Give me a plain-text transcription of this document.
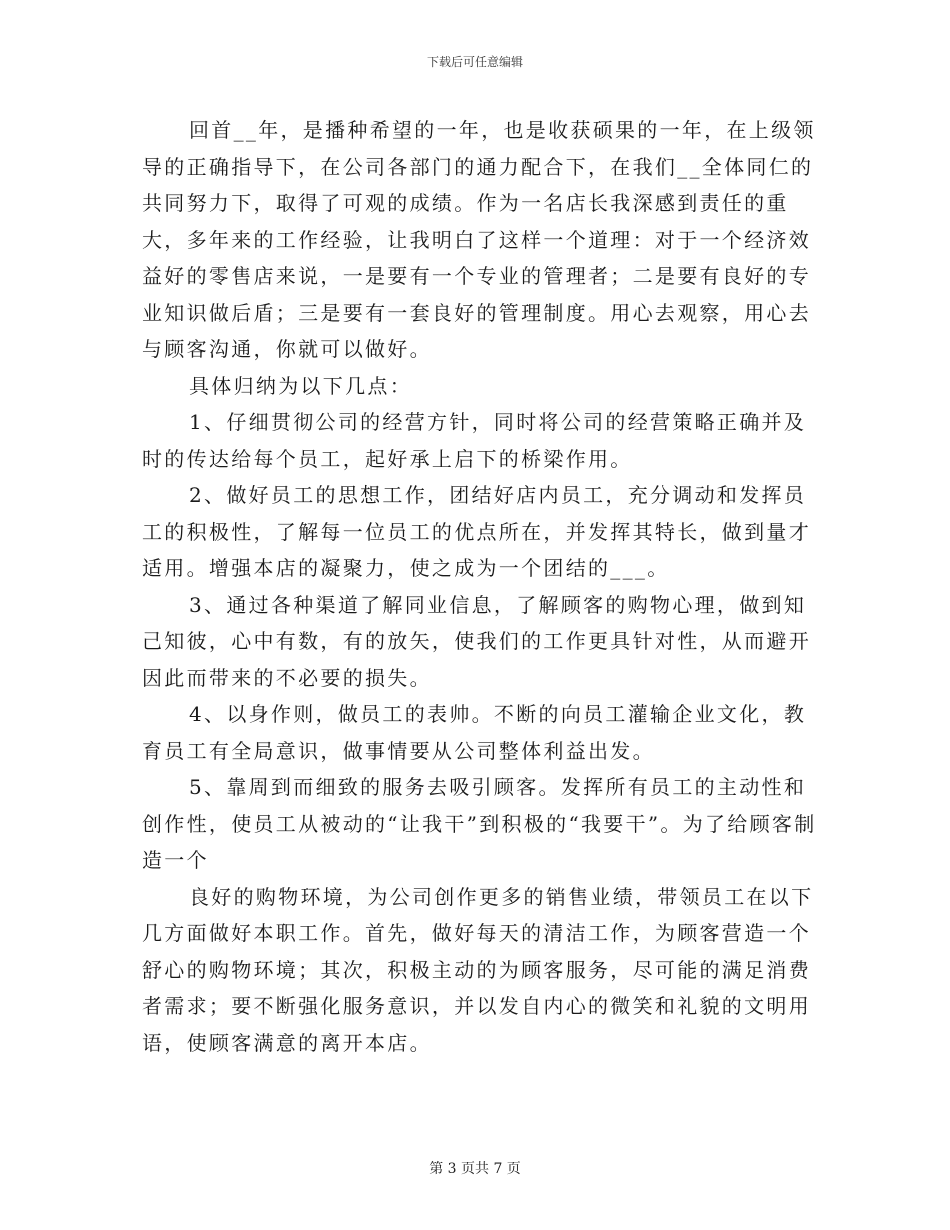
下载后可任意编辑

回首__年，是播种希望的一年，也是收获硕果的一年，在上级领导的正确指导下，在公司各部门的通力配合下，在我们__全体同仁的共同努力下，取得了可观的成绩。作为一名店长我深感到责任的重大，多年来的工作经验，让我明白了这样一个道理：对于一个经济效益好的零售店来说，一是要有一个专业的管理者；二是要有良好的专业知识做后盾；三是要有一套良好的管理制度。用心去观察，用心去与顾客沟通，你就可以做好。

具体归纳为以下几点：

1、仔细贯彻公司的经营方针，同时将公司的经营策略正确并及时的传达给每个员工，起好承上启下的桥梁作用。

2、做好员工的思想工作，团结好店内员工，充分调动和发挥员工的积极性，了解每一位员工的优点所在，并发挥其特长，做到量才适用。增强本店的凝聚力，使之成为一个团结的___。

3、通过各种渠道了解同业信息，了解顾客的购物心理，做到知己知彼，心中有数，有的放矢，使我们的工作更具针对性，从而避开因此而带来的不必要的损失。

4、以身作则，做员工的表帅。不断的向员工灌输企业文化，教育员工有全局意识，做事情要从公司整体利益出发。

5、靠周到而细致的服务去吸引顾客。发挥所有员工的主动性和创作性，使员工从被动的“让我干”到积极的“我要干”。为了给顾客制造一个

良好的购物环境，为公司创作更多的销售业绩，带领员工在以下几方面做好本职工作。首先，做好每天的清洁工作，为顾客营造一个舒心的购物环境；其次，积极主动的为顾客服务，尽可能的满足消费者需求；要不断强化服务意识，并以发自内心的微笑和礼貌的文明用语，使顾客满意的离开本店。

第 3 页共 7 页
